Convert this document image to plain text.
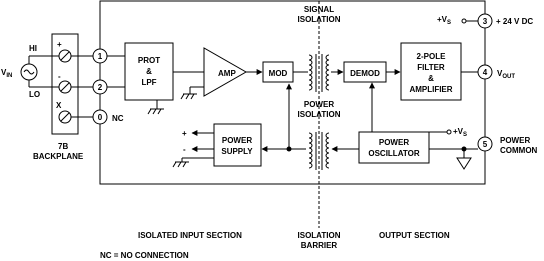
7B
BACKPLANE
+
-
X
$V_{IN}$
HI
LO
1
2
0 NC
PROT
&
LPF
AMP	MOD
SIGNAL
ISOLATION
DEMOD
2-POLE
FILTER
&
AMPLIFIER
3
4
5
$+V_S$	+ 24 V DC
$V_{OUT}$
POWER
COMMON
POWER
OSCILLATOR
$+V_S$
POWER
ISOLATION
POWER
SUPPLY
+
-
ISOLATED INPUT SECTION	ISOLATION
BARRIER
OUTPUT SECTION
NC = NO CONNECTION
